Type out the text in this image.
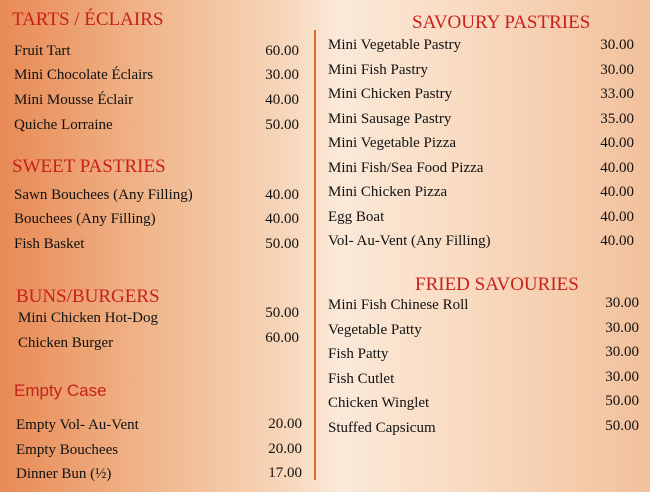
TARTS / ÉCLAIRS
Fruit Tart	60.00
Mini Chocolate Éclairs	30.00
Mini Mousse Éclair	40.00
Quiche Lorraine	50.00
SWEET PASTRIES
Sawn Bouchees (Any Filling)	40.00
Bouchees (Any Filling)	40.00
Fish Basket	50.00
BUNS/BURGERS
Mini Chicken Hot-Dog	50.00
Chicken Burger	60.00
Empty Case
Empty Vol- Au-Vent	20.00
Empty Bouchees	20.00
Dinner Bun (½)	17.00
SAVOURY PASTRIES
Mini Vegetable Pastry	30.00
Mini Fish Pastry	30.00
Mini Chicken Pastry	33.00
Mini Sausage Pastry	35.00
Mini Vegetable Pizza	40.00
Mini Fish/Sea Food Pizza	40.00
Mini Chicken Pizza	40.00
Egg Boat	40.00
Vol- Au-Vent (Any Filling)	40.00
FRIED SAVOURIES
Mini Fish Chinese Roll	30.00
Vegetable Patty	30.00
Fish Patty	30.00
Fish Cutlet	30.00
Chicken Winglet	50.00
Stuffed Capsicum	50.00
